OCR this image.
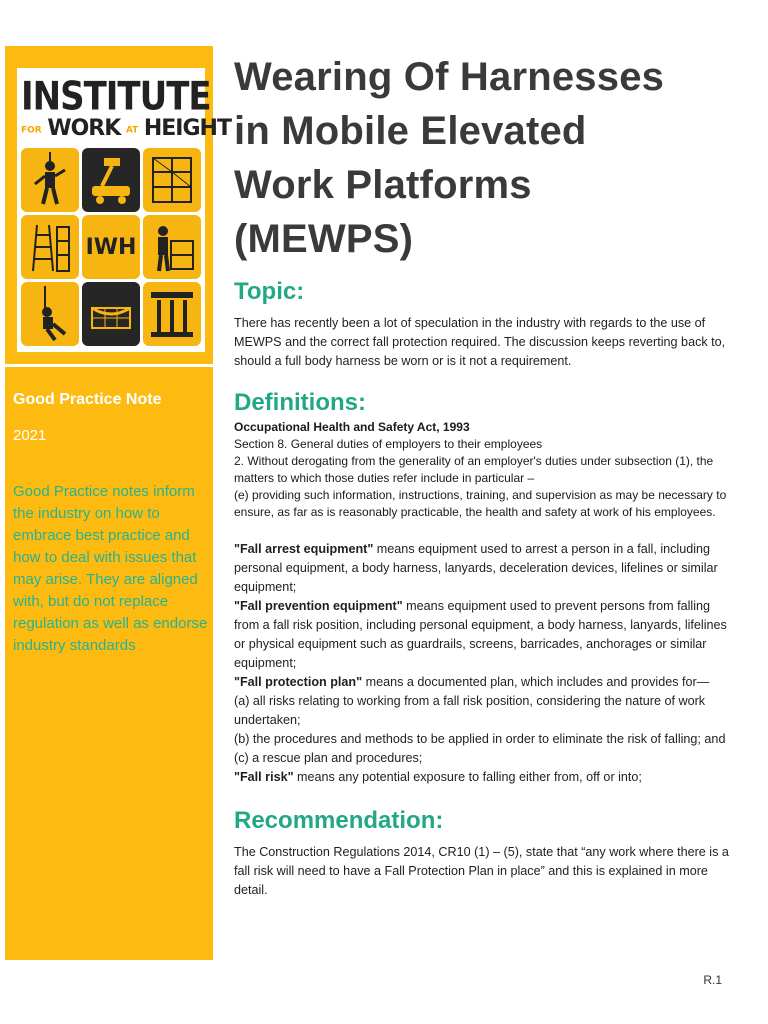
INSTITUTE
FOR WORK AT HEIGHT
IWH
Good Practice Note
2021
Good Practice notes inform the industry on how to embrace best practice and how to deal with issues that may arise. They are aligned with, but do not replace regulation as well as endorse industry standards
Wearing Of Harnesses
in Mobile Elevated
Work Platforms
(MEWPS)
Topic:

There has recently been a lot of speculation in the industry with regards to the use of MEWPS and the correct fall protection required. The discussion keeps reverting back to, should a full body harness be worn or is it not a requirement.

Definitions:
Occupational Health and Safety Act, 1993
Section 8. General duties of employers to their employees
2. Without derogating from the generality of an employer's duties under subsection (1), the matters to which those duties refer include in particular –
(e) providing such information, instructions, training, and supervision as may be necessary to ensure, as far as is reasonably practicable, the health and safety at work of his employees.

"Fall arrest equipment" means equipment used to arrest a person in a fall, including personal equipment, a body harness, lanyards, deceleration devices, lifelines or similar equipment;

"Fall prevention equipment" means equipment used to prevent persons from falling from a fall risk position, including personal equipment, a body harness, lanyards, lifelines or physical equipment such as guardrails, screens, barricades, anchorages or similar equipment;

"Fall protection plan" means a documented plan, which includes and provides for—

(a) all risks relating to working from a fall risk position, considering the nature of work undertaken;

(b) the procedures and methods to be applied in order to eliminate the risk of falling; and

(c) a rescue plan and procedures;

"Fall risk" means any potential exposure to falling either from, off or into;

Recommendation:

The Construction Regulations 2014, CR10 (1) – (5), state that “any work where there is a fall risk will need to have a Fall Protection Plan in place” and this is explained in more detail.

R.1
